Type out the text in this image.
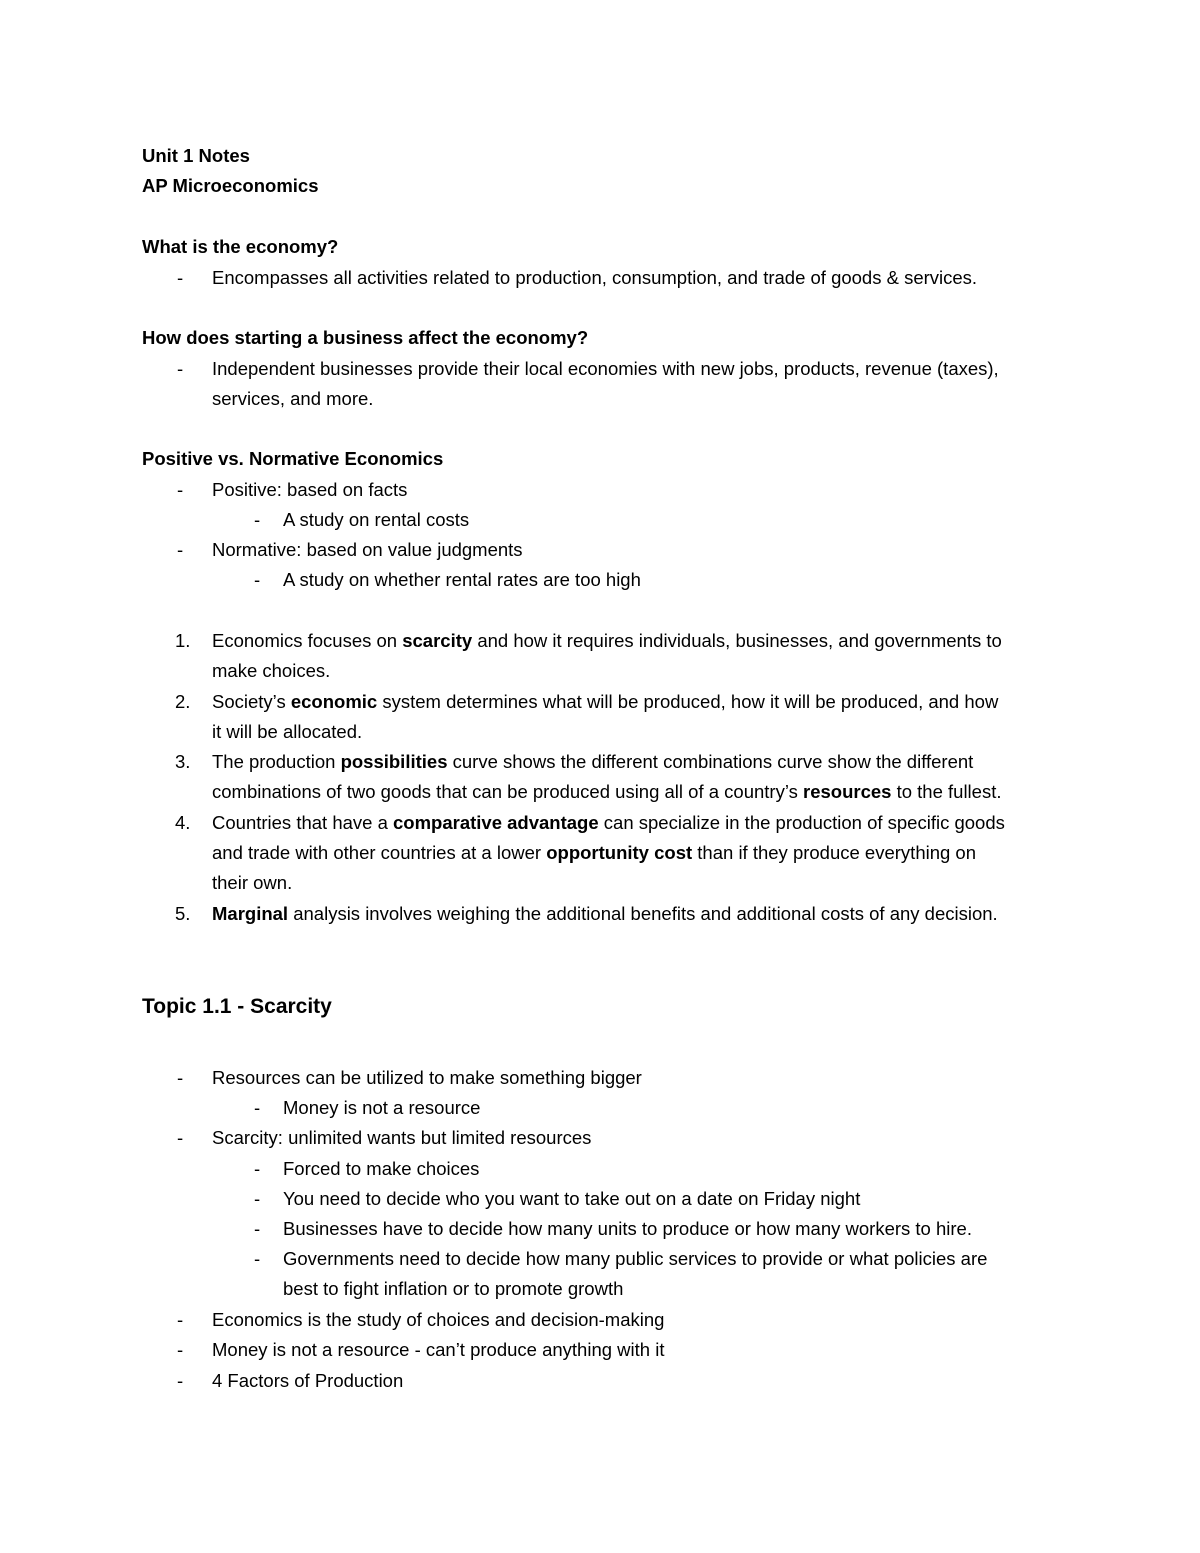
Unit 1 Notes
AP Microeconomics
What is the economy?
- Encompasses all activities related to production, consumption, and trade of goods & services.
How does starting a business affect the economy?
- Independent businesses provide their local economies with new jobs, products, revenue (taxes),
services, and more.
Positive vs. Normative Economics
- Positive: based on facts
- A study on rental costs
- Normative: based on value judgments
- A study on whether rental rates are too high
1. Economics focuses on scarcity and how it requires individuals, businesses, and governments to
make choices.
2. Society’s economic system determines what will be produced, how it will be produced, and how
it will be allocated.
3. The production possibilities curve shows the different combinations curve show the different
combinations of two goods that can be produced using all of a country’s resources to the fullest.
4. Countries that have a comparative advantage can specialize in the production of specific goods
and trade with other countries at a lower opportunity cost than if they produce everything on
their own.
5. Marginal analysis involves weighing the additional benefits and additional costs of any decision.
Topic 1.1 - Scarcity
- Resources can be utilized to make something bigger
- Money is not a resource
- Scarcity: unlimited wants but limited resources
- Forced to make choices
- You need to decide who you want to take out on a date on Friday night
- Businesses have to decide how many units to produce or how many workers to hire.
- Governments need to decide how many public services to provide or what policies are
best to fight inflation or to promote growth
- Economics is the study of choices and decision-making
- Money is not a resource - can’t produce anything with it
- 4 Factors of Production
